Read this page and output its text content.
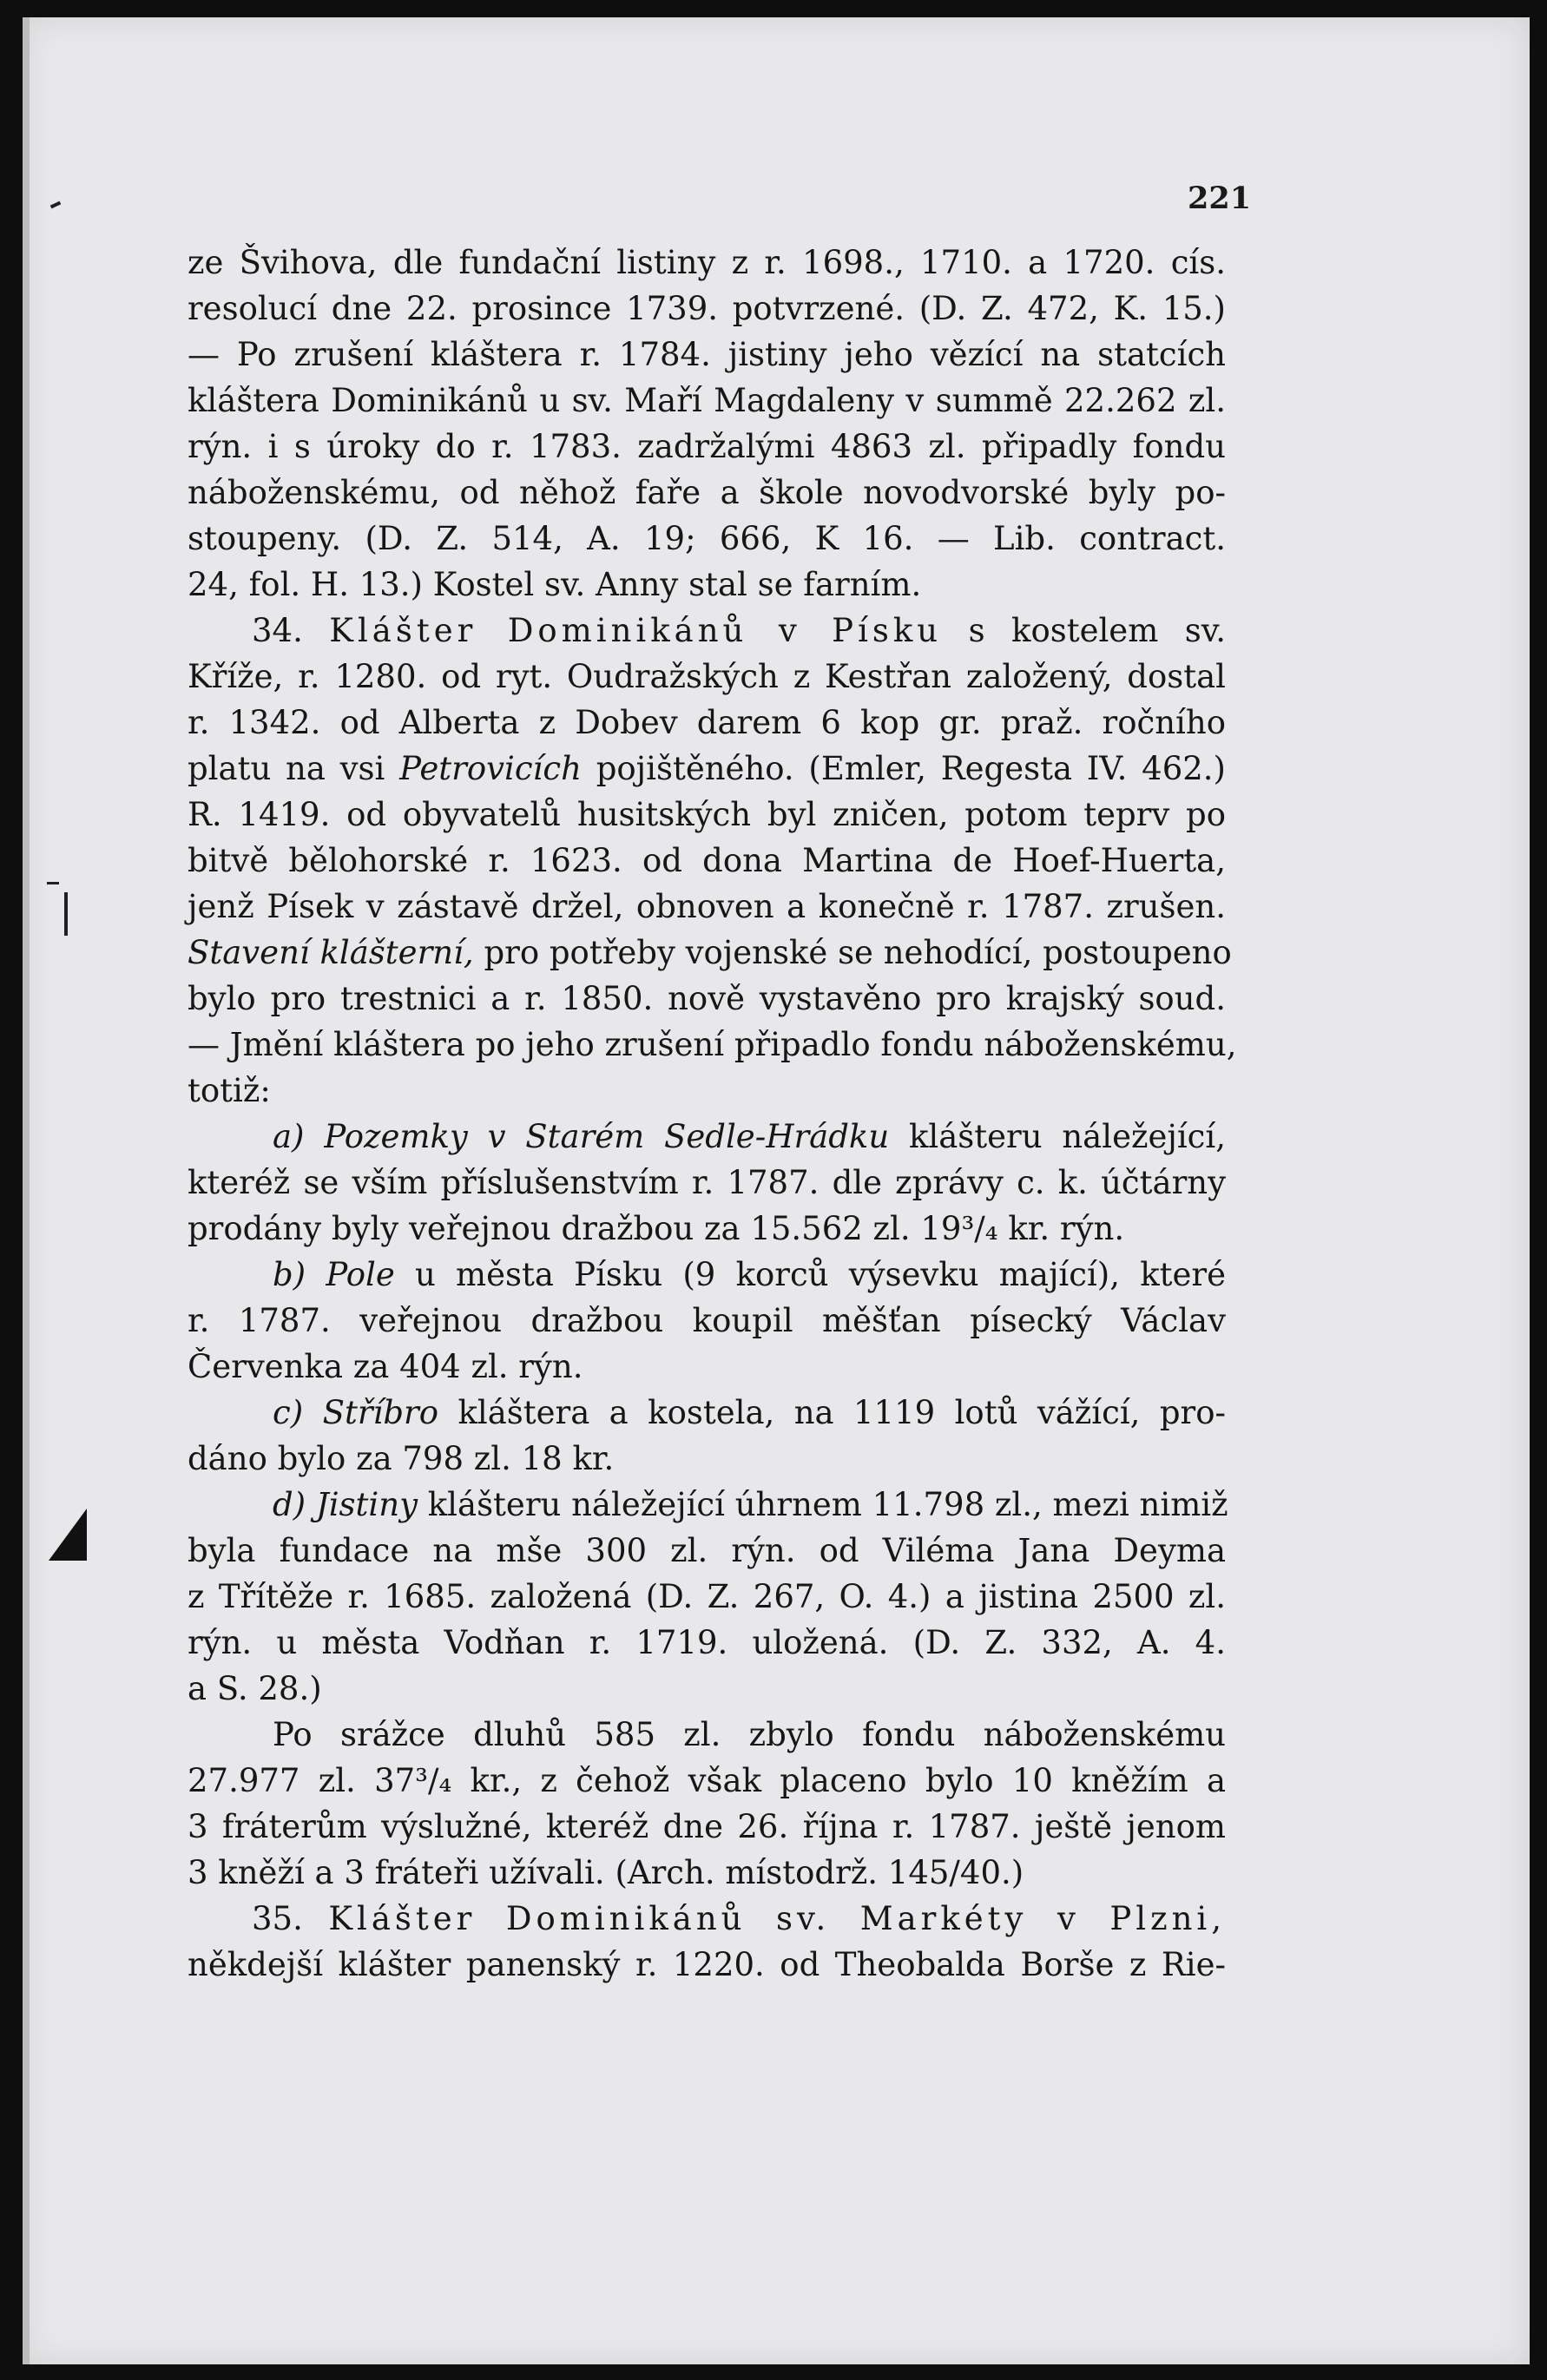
221
ze Švihova, dle fundační listiny z r. 1698., 1710. a 1720. cís.
resolucí dne 22. prosince 1739. potvrzené. (D. Z. 472, K. 15.)
— Po zrušení kláštera r. 1784. jistiny jeho vězící na statcích
kláštera Dominikánů u sv. Maří Magdaleny v summě 22.262 zl.
rýn. i s úroky do r. 1783. zadržalými 4863 zl. připadly fondu
náboženskému, od něhož faře a škole novodvorské byly po-
stoupeny. (D. Z. 514, A. 19; 666, K 16. — Lib. contract.
24, fol. H. 13.) Kostel sv. Anny stal se farním.
34. Klášter Dominikánů v Písku s kostelem sv.
Kříže, r. 1280. od ryt. Oudražských z Kestřan založený, dostal
r. 1342. od Alberta z Dobev darem 6 kop gr. praž. ročního
platu na vsi Petrovicích pojištěného. (Emler, Regesta IV. 462.)
R. 1419. od obyvatelů husitských byl zničen, potom teprv po
bitvě bělohorské r. 1623. od dona Martina de Hoef-Huerta,
jenž Písek v zástavě držel, obnoven a konečně r. 1787. zrušen.
Stavení klášterní, pro potřeby vojenské se nehodící, postoupeno
bylo pro trestnici a r. 1850. nově vystavěno pro krajský soud.
— Jmění kláštera po jeho zrušení připadlo fondu náboženskému,
totiž:
a) Pozemky v Starém Sedle-Hrádku klášteru náležející,
kteréž se vším příslušenstvím r. 1787. dle zprávy c. k. účtárny
prodány byly veřejnou dražbou za 15.562 zl. 19³/₄ kr. rýn.
b) Pole u města Písku (9 korců výsevku mající), které
r. 1787. veřejnou dražbou koupil měšťan písecký Václav
Červenka za 404 zl. rýn.
c) Stříbro kláštera a kostela, na 1119 lotů vážící, pro-
dáno bylo za 798 zl. 18 kr.
d) Jistiny klášteru náležející úhrnem 11.798 zl., mezi nimiž
byla fundace na mše 300 zl. rýn. od Viléma Jana Deyma
z Třítěže r. 1685. založená (D. Z. 267, O. 4.) a jistina 2500 zl.
rýn. u města Vodňan r. 1719. uložená. (D. Z. 332, A. 4.
a S. 28.)
Po srážce dluhů 585 zl. zbylo fondu náboženskému
27.977 zl. 37³/₄ kr., z čehož však placeno bylo 10 kněžím a
3 fráterům výslužné, kteréž dne 26. října r. 1787. ještě jenom
3 kněží a 3 fráteři užívali. (Arch. místodrž. 145/40.)
35. Klášter Dominikánů sv. Markéty v Plzni,
někdejší klášter panenský r. 1220. od Theobalda Borše z Rie-
